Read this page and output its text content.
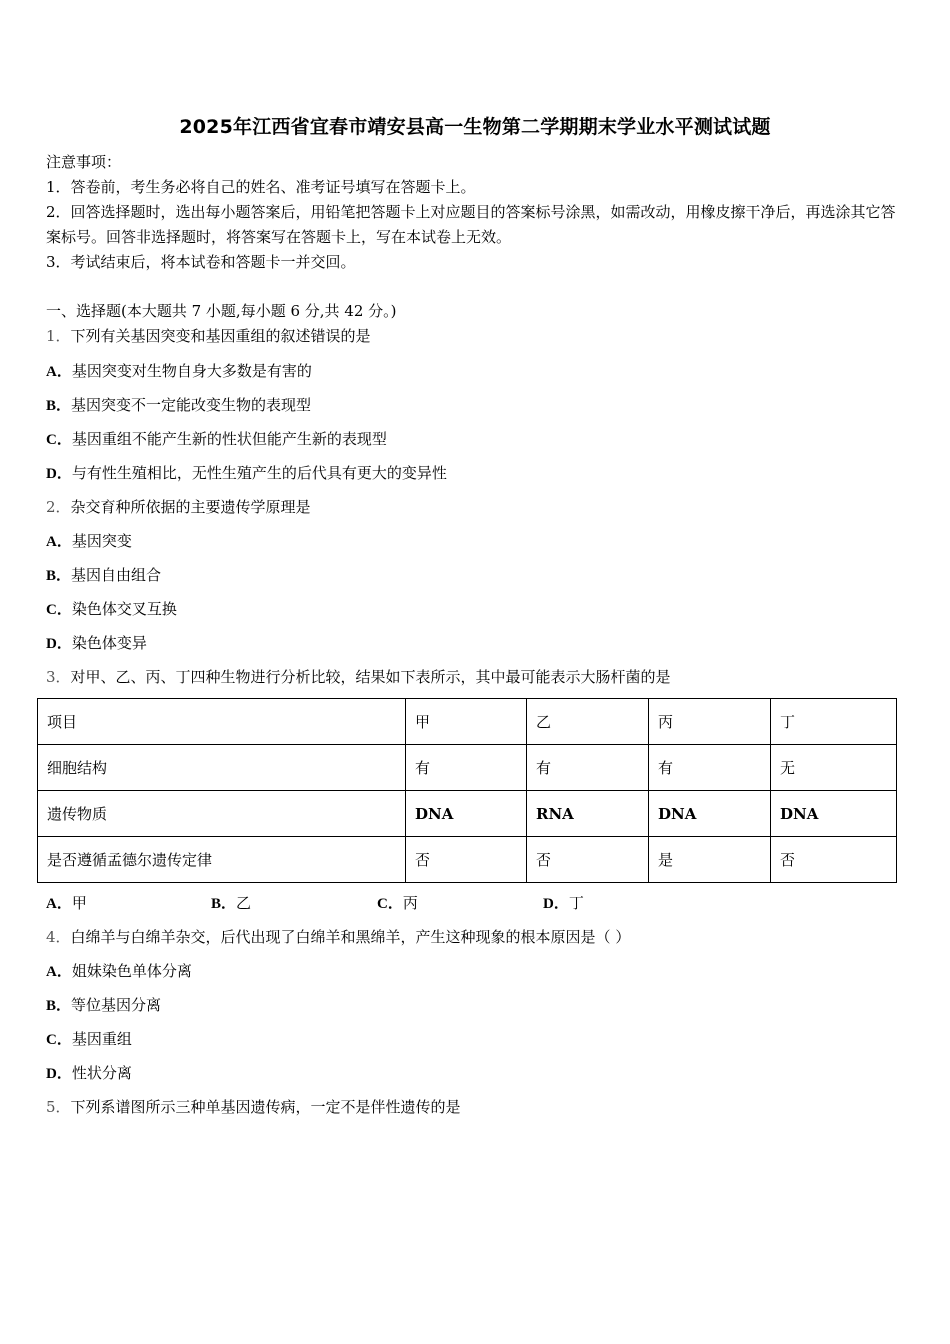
2025年江西省宜春市靖安县高一生物第二学期期末学业水平测试试题
注意事项：
1．答卷前，考生务必将自己的姓名、准考证号填写在答题卡上。
2．回答选择题时，选出每小题答案后，用铅笔把答题卡上对应题目的答案标号涂黑，如需改动，用橡皮擦干净后，再选涂其它答案标号。回答非选择题时，将答案写在答题卡上，写在本试卷上无效。
3．考试结束后，将本试卷和答题卡一并交回。
一、选择题(本大题共 7 小题,每小题 6 分,共 42 分。)
1．下列有关基因突变和基因重组的叙述错误的是
A．基因突变对生物自身大多数是有害的
B．基因突变不一定能改变生物的表现型
C．基因重组不能产生新的性状但能产生新的表现型
D．与有性生殖相比，无性生殖产生的后代具有更大的变异性
2．杂交育种所依据的主要遗传学原理是
A．基因突变
B．基因自由组合
C．染色体交叉互换
D．染色体变异
3．对甲、乙、丙、丁四种生物进行分析比较，结果如下表所示，其中最可能表示大肠杆菌的是
项目	甲	乙	丙	丁
细胞结构	有	有	有	无
遗传物质	DNA	RNA	DNA	DNA
是否遵循孟德尔遗传定律	否	否	是	否
A．甲	B．乙	C．丙	D．丁
4．白绵羊与白绵羊杂交，后代出现了白绵羊和黑绵羊，产生这种现象的根本原因是（ ）
A．姐妹染色单体分离
B．等位基因分离
C．基因重组
D．性状分离
5．下列系谱图所示三种单基因遗传病，一定不是伴性遗传的是
